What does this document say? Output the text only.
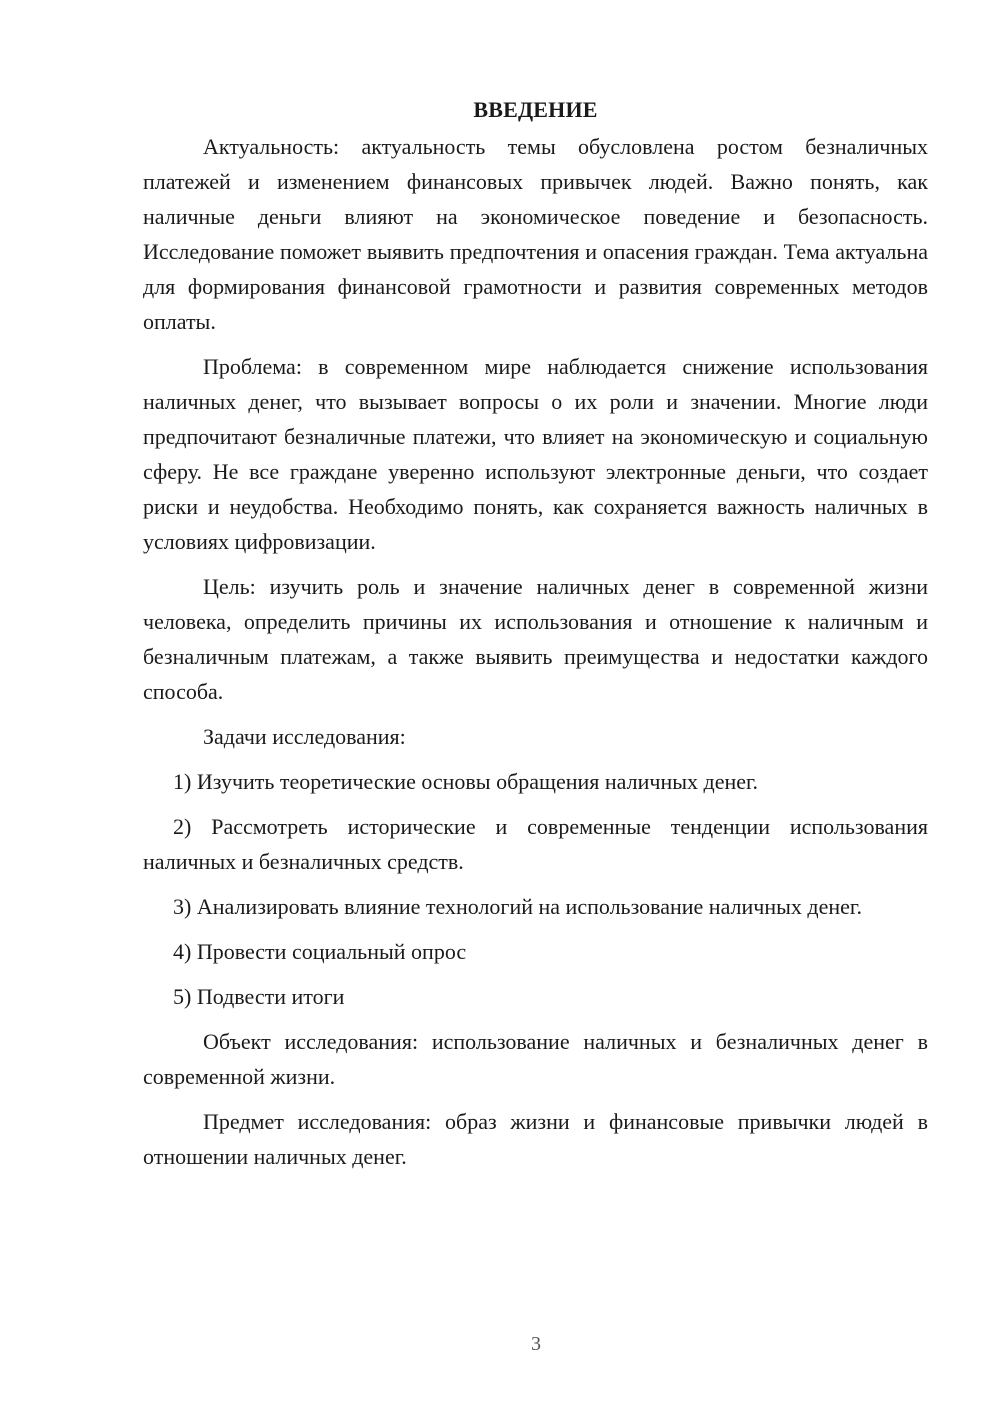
ВВЕДЕНИЕ

Актуальность: актуальность темы обусловлена ростом безналичных платежей и изменением финансовых привычек людей. Важно понять, как наличные деньги влияют на экономическое поведение и безопасность. Исследование поможет выявить предпочтения и опасения граждан. Тема актуальна для формирования финансовой грамотности и развития современных методов оплаты.

Проблема: в современном мире наблюдается снижение использования наличных денег, что вызывает вопросы о их роли и значении. Многие люди предпочитают безналичные платежи, что влияет на экономическую и социальную сферу. Не все граждане уверенно используют электронные деньги, что создает риски и неудобства. Необходимо понять, как сохраняется важность наличных в условиях цифровизации.

Цель: изучить роль и значение наличных денег в современной жизни человека, определить причины их использования и отношение к наличным и безналичным платежам, а также выявить преимущества и недостатки каждого способа.

Задачи исследования:

1) Изучить теоретические основы обращения наличных денег.

2) Рассмотреть исторические и современные тенденции использования наличных и безналичных средств.

3) Анализировать влияние технологий на использование наличных денег.

4) Провести социальный опрос

5) Подвести итоги

Объект исследования: использование наличных и безналичных денег в современной жизни.

Предмет исследования: образ жизни и финансовые привычки людей в отношении наличных денег.

3
